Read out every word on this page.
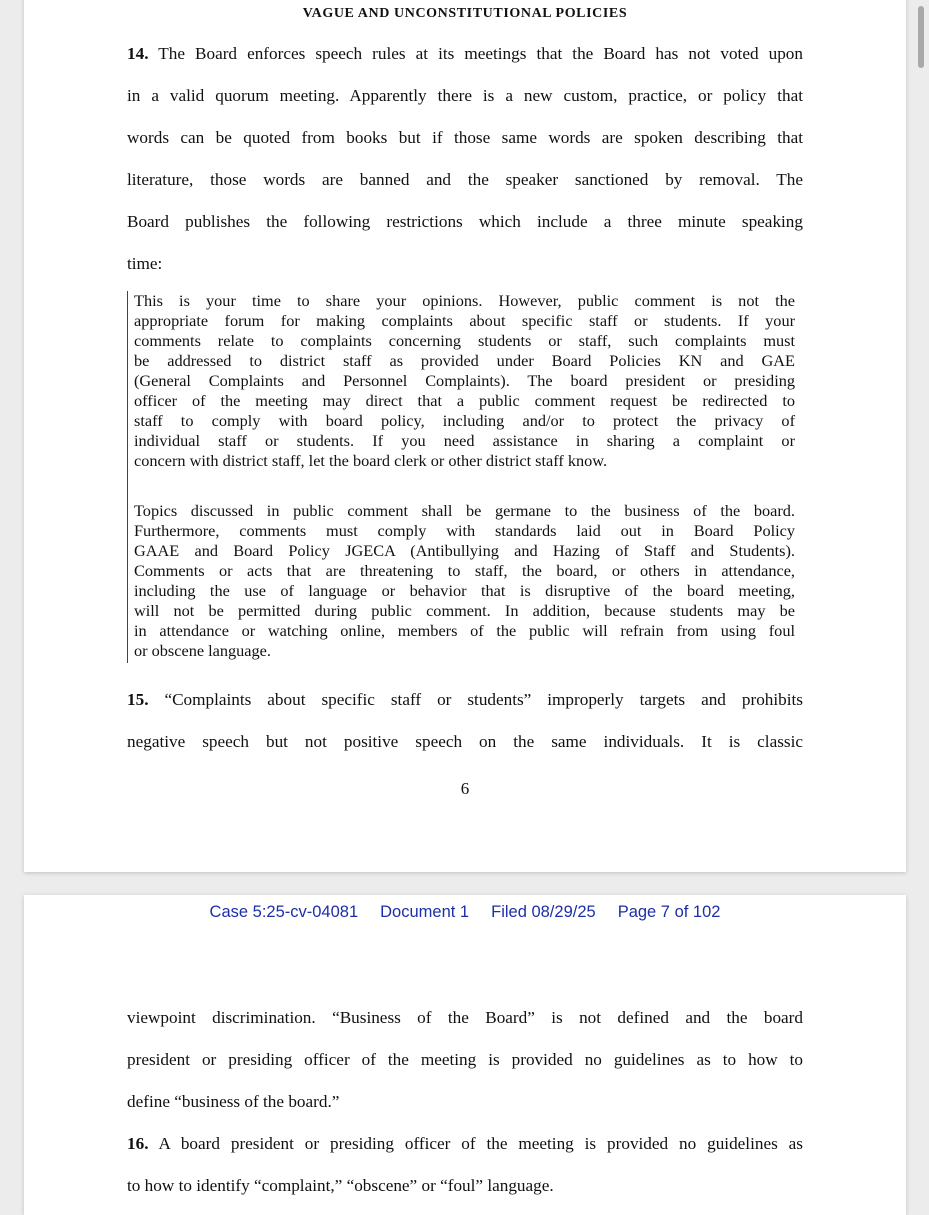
VAGUE AND UNCONSTITUTIONAL POLICIES

14. The Board enforces speech rules at its meetings that the Board has not voted upon

in a valid quorum meeting. Apparently there is a new custom, practice, or policy that

words can be quoted from books but if those same words are spoken describing that

literature, those words are banned and the speaker sanctioned by removal. The

Board publishes the following restrictions which include a three minute speaking

time:

This is your time to share your opinions. However, public comment is not the

appropriate forum for making complaints about specific staff or students. If your

comments relate to complaints concerning students or staff, such complaints must

be addressed to district staff as provided under Board Policies KN and GAE

(General Complaints and Personnel Complaints). The board president or presiding

officer of the meeting may direct that a public comment request be redirected to

staff to comply with board policy, including and/or to protect the privacy of

individual staff or students. If you need assistance in sharing a complaint or

concern with district staff, let the board clerk or other district staff know.

Topics discussed in public comment shall be germane to the business of the board.

Furthermore, comments must comply with standards laid out in Board Policy

GAAE and Board Policy JGECA (Antibullying and Hazing of Staff and Students).

Comments or acts that are threatening to staff, the board, or others in attendance,

including the use of language or behavior that is disruptive of the board meeting,

will not be permitted during public comment. In addition, because students may be

in attendance or watching online, members of the public will refrain from using foul

or obscene language.

15. “Complaints about specific staff or students” improperly targets and prohibits

negative speech but not positive speech on the same individuals. It is classic

6

Case 5:25-cv-04081 Document 1 Filed 08/29/25 Page 7 of 102

viewpoint discrimination. “Business of the Board” is not defined and the board

president or presiding officer of the meeting is provided no guidelines as to how to

define “business of the board.”

16. A board president or presiding officer of the meeting is provided no guidelines as

to how to identify “complaint,” “obscene” or “foul” language.
